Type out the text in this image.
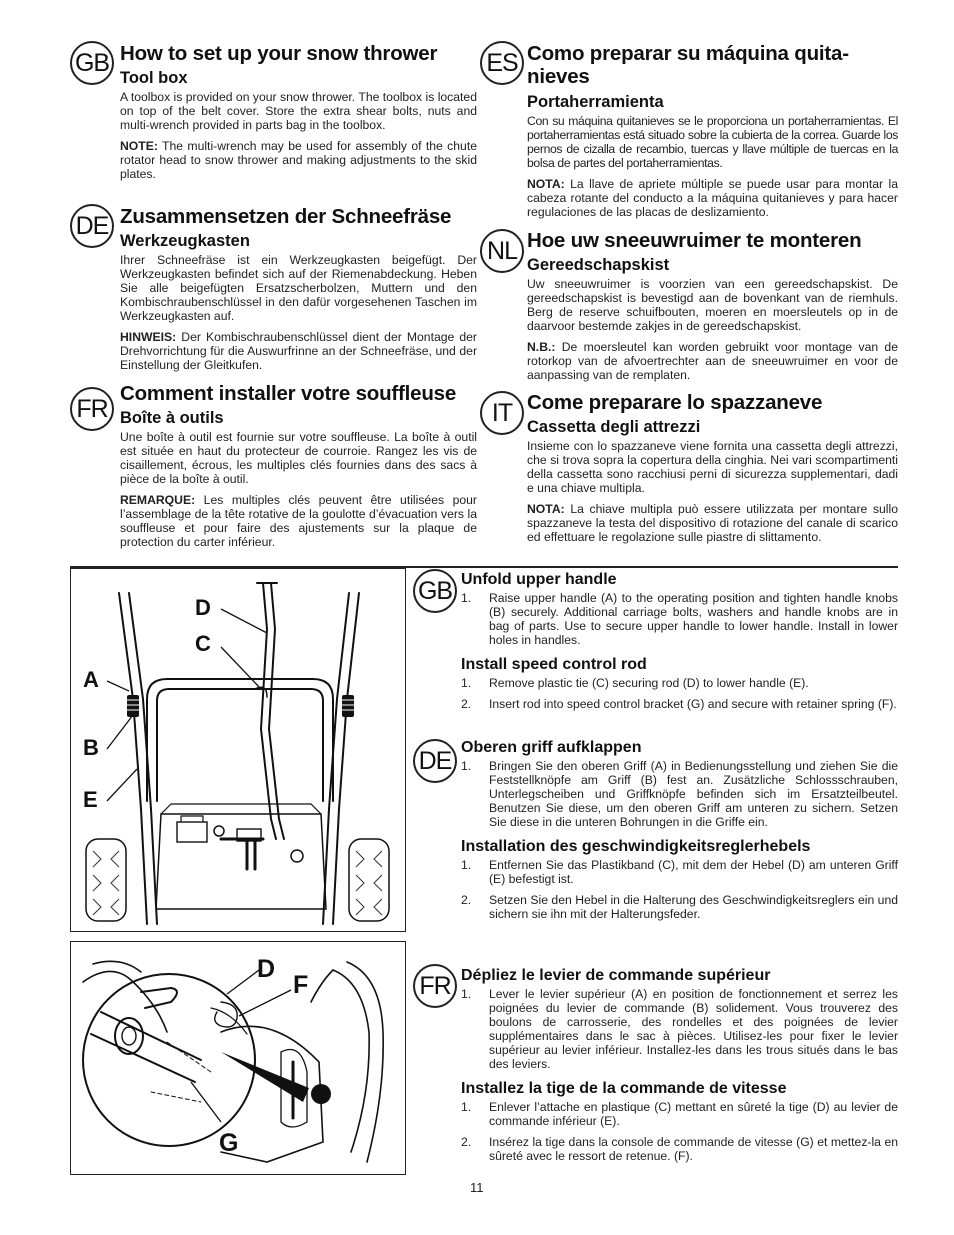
GB How to set up your snow thrower
Tool box

A toolbox is provided on your snow thrower. The toolbox is located on top of the belt cover. Store the extra shear bolts, nuts and multi-wrench provided in parts bag in the toolbox.

NOTE: The multi-wrench may be used for assembly of the chute rotator head to snow thrower and making adjustments to the skid plates.

DE Zusammensetzen der Schneefräse
Werkzeugkasten

Ihrer Schneefräse ist ein Werkzeugkasten beigefügt. Der Werkzeugkasten befindet sich auf der Riemenabdeckung. Heben Sie alle beigefügten Ersatzscherbolzen, Muttern und den Kombischraubenschlüssel in den dafür vorgesehenen Taschen im Werkzeugkasten auf.

HINWEIS: Der Kombischraubenschlüssel dient der Montage der Drehvorrichtung für die Auswurfrinne an der Schneefräse, und der Einstellung der Gleitkufen.

FR
Comment installer votre souffleuse
Boîte à outils

Une boîte à outil est fournie sur votre souffleuse. La boîte à outil est située en haut du protecteur de courroie. Rangez les vis de cisaillement, écrous, les multiples clés fournies dans des sacs à pièce de la boîte à outil.

REMARQUE: Les multiples clés peuvent être utilisées pour l’assemblage de la tête rotative de la goulotte d’évacuation vers la souffleuse et pour faire des ajustements sur la plaque de protection du carter inférieur.

ES Como preparar su máquina quita-nieves
Portaherramienta

Con su máquina quitanieves se le proporciona un portaherramientas. El portaherramientas está situado sobre la cubierta de la correa. Guarde los pernos de cizalla de recambio, tuercas y llave múltiple de tuercas en la bolsa de partes del portaherramientas.

NOTA: La llave de apriete múltiple se puede usar para montar la cabeza rotante del conducto a la máquina quitanieves y para hacer regulaciones de las placas de deslizamiento.

NL Hoe uw sneeuwruimer te monteren
Gereedschapskist

Uw sneeuwruimer is voorzien van een gereedschapskist. De gereedschapskist is bevestigd aan de bovenkant van de riemhuls. Berg de reserve schuifbouten, moeren en moersleutels op in de daarvoor bestemde zakjes in de gereedschapskist.

N.B.: De moersleutel kan worden gebruikt voor montage van de rotorkop van de afvoertrechter aan de sneeuwruimer en voor de aanpassing van de remplaten.

IT Come preparare lo spazzaneve
Cassetta degli attrezzi

Insieme con lo spazzaneve viene fornita una cassetta degli attrezzi, che si trova sopra la copertura della cinghia. Nei vari scompartimenti della cassetta sono racchiusi perni di sicurezza supplementari, dadi e una chiave multipla.

NOTA: La chiave multipla può essere utilizzata per montare sullo spazzaneve la testa del dispositivo di rotazione del canale di scarico ed effettuare le regolazione sulle piastre di slittamento.

D
C
A
B
E
D
F
G
GB Unfold upper handle
1.	Raise upper handle (A) to the operating position and tighten handle knobs (B) securely. Additional carriage bolts, washers and handle knobs are in bag of parts. Use to secure upper handle to lower handle. Install in lower holes in handles.
Install speed control rod
1.	Remove plastic tie (C) securing rod (D) to lower handle (E).
2.	Insert rod into speed control bracket (G) and secure with retainer spring (F).
DE Oberen griff aufklappen
1.	Bringen Sie den oberen Griff (A) in Bedienungsstellung und ziehen Sie die Feststellknöpfe am Griff (B) fest an. Zusätzliche Schlossschrauben, Unterlegscheiben und Griffknöpfe befinden sich im Ersatzteilbeutel. Benutzen Sie diese, um den oberen Griff am unteren zu sichern. Setzen Sie diese in die unteren Bohrungen in die Griffe ein.
Installation des geschwindigkeitsreglerhebels
1.	Entfernen Sie das Plastikband (C), mit dem der Hebel (D) am unteren Griff (E) befestigt ist.
2.	Setzen Sie den Hebel in die Halterung des Geschwindigkeitsreglers ein und sichern sie ihn mit der Halterungsfeder.
FR Dépliez le levier de commande supérieur
1.	Lever le levier supérieur (A) en position de fonctionnement et serrez les poignées du levier de commande (B) solidement. Vous trouverez des boulons de carrosserie, des rondelles et des poignées de levier supplémentaires dans le sac à pièces. Utilisez-les pour fixer le levier supérieur au levier inférieur. Installez-les dans les trous situés dans le bas des leviers.
Installez la tige de la commande de vitesse
1.	Enlever l’attache en plastique (C) mettant en sûreté la tige (D) au levier de commande inférieur (E).
2.	Insérez la tige dans la console de commande de vitesse (G) et mettez-la en sûreté avec le ressort de retenue. (F).
11
